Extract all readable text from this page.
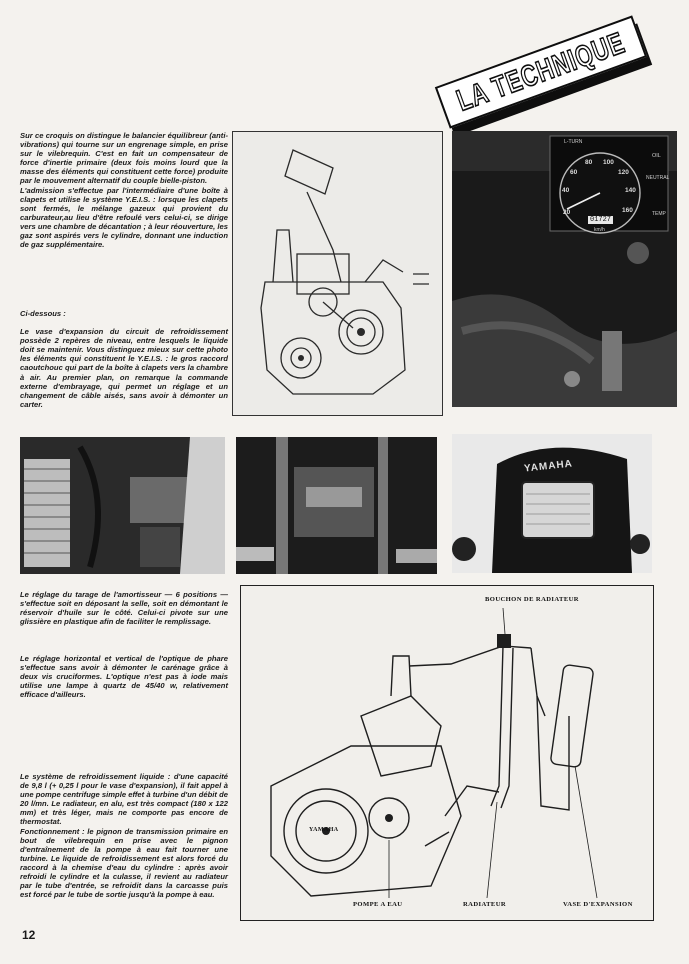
LA TECHNIQUE

Sur ce croquis on distingue le balancier équilibreur (anti-vibrations) qui tourne sur un engrenage simple, en prise sur le vilebrequin. C'est en fait un compensateur de force d'inertie primaire (deux fois moins lourd que la masse des éléments qui constituent cette force) produite par le mouvement alternatif du couple bielle-piston.

L'admission s'effectue par l'intermédiaire d'une boîte à clapets et utilise le système Y.E.I.S. : lorsque les clapets sont fermés, le mélange gazeux qui provient du carburateur,au lieu d'être refoulé vers celui-ci, se dirige vers une chambre de décantation ; à leur réouverture, les gaz sont aspirés vers le cylindre, donnant une induction de gaz supplémentaire.

Ci-dessous :

Le vase d'expansion du circuit de refroidissement possède 2 repères de niveau, entre lesquels le liquide doit se maintenir. Vous distinguez mieux sur cette photo les éléments qui constituent le Y.E.I.S. : le gros raccord caoutchouc qui part de la boîte à clapets vers la chambre à air. Au premier plan, on remarque la commande externe d'embrayage, qui permet un réglage et un changement de câble aisés, sans avoir à démonter un carter.

20
40
60
80 100
120
140
160
01727
km/h
L-TURN
OIL
NEUTRAL
TEMP
YAMAHA

Le réglage du tarage de l'amortisseur — 6 positions — s'effectue soit en déposant la selle, soit en démontant le réservoir d'huile sur le côté. Celui-ci pivote sur une glissière en plastique afin de faciliter le remplissage.

Le réglage horizontal et vertical de l'optique de phare s'effectue sans avoir à démonter le carénage grâce à deux vis cruciformes. L'optique n'est pas à iode mais utilise une lampe à quartz de 45/40 w, relativement efficace d'ailleurs.

Le système de refroidissement liquide : d'une capacité de 9,8 l (+ 0,25 l pour le vase d'expansion), il fait appel à une pompe centrifuge simple effet à turbine d'un débit de 20 l/mn. Le radiateur, en alu, est très compact (180 x 122 mm) et très léger, mais ne comporte pas encore de thermostat.

Fonctionnement : le pignon de transmission primaire en bout de vilebrequin en prise avec le pignon d'entraînement de la pompe à eau fait tourner une turbine. Le liquide de refroidissement est alors forcé du raccord à la chemise d'eau du cylindre : après avoir refroidi le cylindre et la culasse, il revient au radiateur par le tube d'entrée, se refroidit dans la carcasse puis est forcé par le tube de sortie jusqu'à la pompe à eau.

BOUCHON DE RADIATEUR
POMPE A EAU	RADIATEUR	VASE D'EXPANSION
YAMAHA
12
